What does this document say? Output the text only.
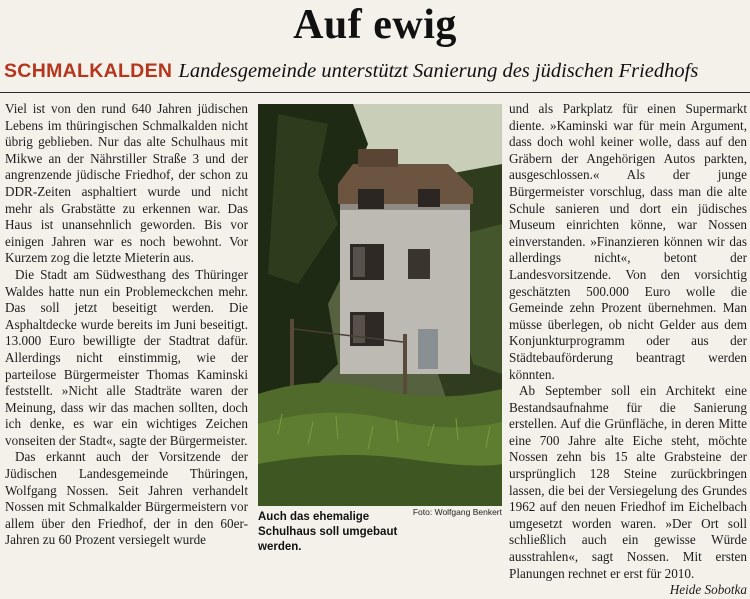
Auf ewig
SCHMALKALDEN Landesgemeinde unterstützt Sanierung des jüdischen Friedhofs

Viel ist von den rund 640 Jahren jüdischen Lebens im thüringischen Schmalkalden nicht übrig geblieben. Nur das alte Schulhaus mit Mikwe an der Nährstiller Straße 3 und der angrenzende jüdische Friedhof, der schon zu DDR-Zeiten asphaltiert wurde und nicht mehr als Grabstätte zu erkennen war. Das Haus ist unansehnlich geworden. Bis vor einigen Jahren war es noch bewohnt. Vor Kurzem zog die letzte Mieterin aus.

Die Stadt am Südwesthang des Thüringer Waldes hatte nun ein Problemeckchen mehr. Das soll jetzt beseitigt werden. Die Asphaltdecke wurde bereits im Juni beseitigt. 13.000 Euro bewilligte der Stadtrat dafür. Allerdings nicht einstimmig, wie der parteilose Bürgermeister Thomas Kaminski feststellt. »Nicht alle Stadträte waren der Meinung, dass wir das machen sollten, doch ich denke, es war ein wichtiges Zeichen vonseiten der Stadt«, sagte der Bürgermeister.

Das erkannt auch der Vorsitzende der Jüdischen Landesgemeinde Thüringen, Wolfgang Nossen. Seit Jahren verhandelt Nossen mit Schmalkalder Bürgermeistern vor allem über den Friedhof, der in den 60er-Jahren zu 60 Prozent versiegelt wurde

Auch das ehemalige Schulhaus soll umgebaut werden.
Foto: Wolfgang Benkert

und als Parkplatz für einen Supermarkt diente. »Kaminski war für mein Argument, dass doch wohl keiner wolle, dass auf den Gräbern der Angehörigen Autos parkten, ausgeschlossen.« Als der junge Bürgermeister vorschlug, dass man die alte Schule sanieren und dort ein jüdisches Museum einrichten könne, war Nossen einverstanden. »Finanzieren können wir das allerdings nicht«, betont der Landesvorsitzende. Von den vorsichtig geschätzten 500.000 Euro wolle die Gemeinde zehn Prozent übernehmen. Man müsse überlegen, ob nicht Gelder aus dem Konjunkturprogramm oder aus der Städtebauförderung beantragt werden könnten.

Ab September soll ein Architekt eine Bestandsaufnahme für die Sanierung erstellen. Auf die Grünfläche, in deren Mitte eine 700 Jahre alte Eiche steht, möchte Nossen zehn bis 15 alte Grabsteine der ursprünglich 128 Steine zurückbringen lassen, die bei der Versiegelung des Grundes 1962 auf den neuen Friedhof im Eichelbach umgesetzt worden waren. »Der Ort soll schließlich auch ein gewisse Würde ausstrahlen«, sagt Nossen. Mit ersten Planungen rechnet er erst für 2010.

Heide Sobotka
